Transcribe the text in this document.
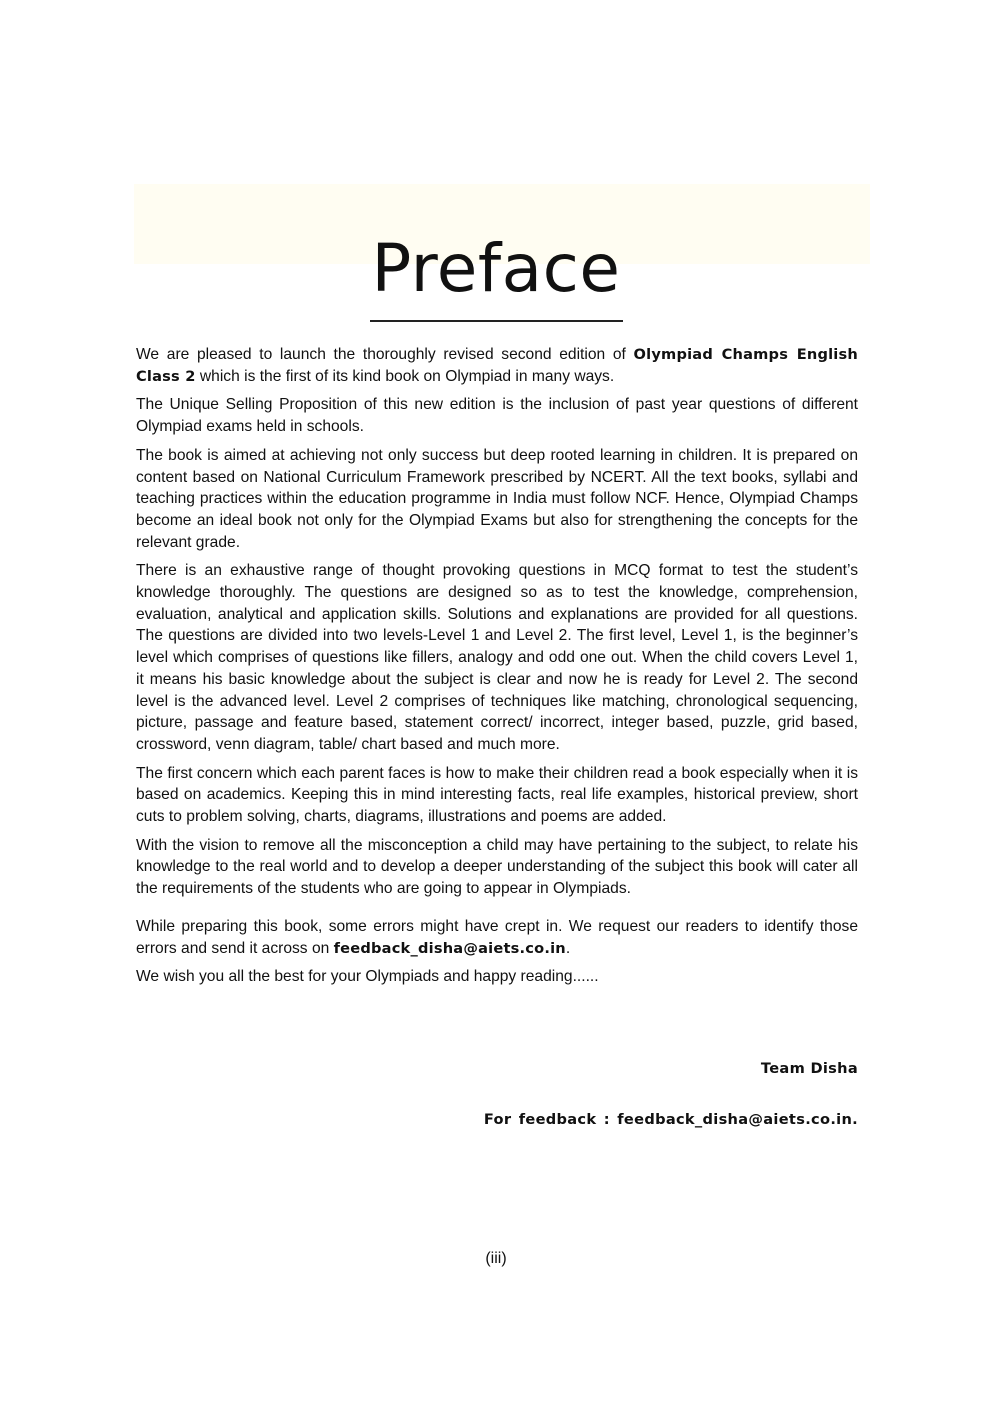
Preface

We are pleased to launch the thoroughly revised second edition of Olympiad Champs English Class 2 which is the first of its kind book on Olympiad in many ways.

The Unique Selling Proposition of this new edition is the inclusion of past year questions of different Olympiad exams held in schools.

The book is aimed at achieving not only success but deep rooted learning in children. It is prepared on content based on National Curriculum Framework prescribed by NCERT. All the text books, syllabi and teaching practices within the education programme in India must follow NCF. Hence, Olympiad Champs become an ideal book not only for the Olympiad Exams but also for strengthening the concepts for the relevant grade.

There is an exhaustive range of thought provoking questions in MCQ format to test the student’s knowledge thoroughly. The questions are designed so as to test the knowledge, comprehension, evaluation, analytical and application skills. Solutions and explanations are provided for all questions. The questions are divided into two levels-Level 1 and Level 2. The first level, Level 1, is the beginner’s level which comprises of questions like fillers, analogy and odd one out. When the child covers Level 1, it means his basic knowledge about the subject is clear and now he is ready for Level 2. The second level is the advanced level. Level 2 comprises of techniques like matching, chronological sequencing, picture, passage and feature based, statement correct/ incorrect, integer based, puzzle, grid based, crossword, venn diagram, table/ chart based and much more.

The first concern which each parent faces is how to make their children read a book especially when it is based on academics. Keeping this in mind interesting facts, real life examples, historical preview, short cuts to problem solving, charts, diagrams, illustrations and poems are added.

With the vision to remove all the misconception a child may have pertaining to the subject, to relate his knowledge to the real world and to develop a deeper understanding of the subject this book will cater all the requirements of the students who are going to appear in Olympiads.

While preparing this book, some errors might have crept in. We request our readers to identify those errors and send it across on feedback_disha@aiets.co.in.

We wish you all the best for your Olympiads and happy reading......

Team Disha
For feedback : feedback_disha@aiets.co.in.
(iii)
